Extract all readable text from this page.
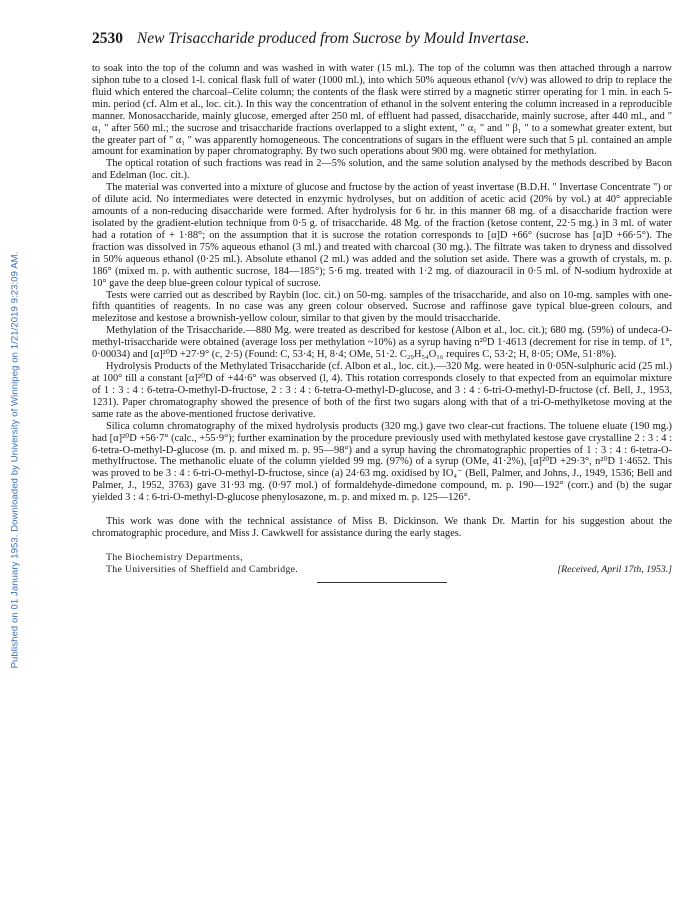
Published on 01 January 1953. Downloaded by University of Winnipeg on 1/21/2019 9:23:09 AM.
2530 New Trisaccharide produced from Sucrose by Mould Invertase.

to soak into the top of the column and was washed in with water (15 ml.). The top of the column was then attached through a narrow siphon tube to a closed 1-l. conical flask full of water (1000 ml.), into which 50% aqueous ethanol (v/v) was allowed to drip to replace the fluid which entered the charcoal–Celite column; the contents of the flask were stirred by a magnetic stirrer operating for 1 min. in each 5-min. period (cf. Alm et al., loc. cit.). In this way the concentration of ethanol in the solvent entering the column increased in a reproducible manner. Monosaccharide, mainly glucose, emerged after 250 ml. of effluent had passed, disaccharide, mainly sucrose, after 440 ml., and " α₁ " after 560 ml.; the sucrose and trisaccharide fractions overlapped to a slight extent, " α₁ " and " β₁ " to a somewhat greater extent, but the greater part of " α₁ " was apparently homogeneous. The concentrations of sugars in the effluent were such that 5 µl. contained an ample amount for examination by paper chromatography. By two such operations about 900 mg. were obtained for methylation.

The optical rotation of such fractions was read in 2—5% solution, and the same solution analysed by the methods described by Bacon and Edelman (loc. cit.).

The material was converted into a mixture of glucose and fructose by the action of yeast invertase (B.D.H. " Invertase Concentrate ") or of dilute acid. No intermediates were detected in enzymic hydrolyses, but on addition of acetic acid (20% by vol.) at 40° appreciable amounts of a non-reducing disaccharide were formed. After hydrolysis for 6 hr. in this manner 68 mg. of a disaccharide fraction were isolated by the gradient-elution technique from 0·5 g. of trisaccharide. 48 Mg. of the fraction (ketose content, 22·5 mg.) in 3 ml. of water had a rotation of + 1·88°; on the assumption that it is sucrose the rotation corresponds to [α]D +66° (sucrose has [α]D +66·5°). The fraction was dissolved in 75% aqueous ethanol (3 ml.) and treated with charcoal (30 mg.). The filtrate was taken to dryness and dissolved in 50% aqueous ethanol (0·25 ml.). Absolute ethanol (2 ml.) was added and the solution set aside. There was a growth of crystals, m. p. 186° (mixed m. p. with authentic sucrose, 184—185°); 5·6 mg. treated with 1·2 mg. of diazouracil in 0·5 ml. of N-sodium hydroxide at 10° gave the deep blue-green colour typical of sucrose.

Tests were carried out as described by Raybin (loc. cit.) on 50-mg. samples of the trisaccharide, and also on 10-mg. samples with one-fifth quantities of reagents. In no case was any green colour observed. Sucrose and raffinose gave typical blue-green colours, and melezitose and kestose a brownish-yellow colour, similar to that given by the mould trisaccharide.

Methylation of the Trisaccharide.—880 Mg. were treated as described for kestose (Albon et al., loc. cit.); 680 mg. (59%) of undeca-O-methyl-trisaccharide were obtained (average loss per methylation ~10%) as a syrup having n²⁰D 1·4613 (decrement for rise in temp. of 1°, 0·00034) and [α]²⁰D +27·9° (c, 2·5) (Found: C, 53·4; H, 8·4; OMe, 51·2. C₂₉H₅₄O₁₆ requires C, 53·2; H, 8·05; OMe, 51·8%).

Hydrolysis Products of the Methylated Trisaccharide (cf. Albon et al., loc. cit.).—320 Mg. were heated in 0·05N-sulphuric acid (25 ml.) at 100° till a constant [α]²⁰D of +44·6° was observed (l, 4). This rotation corresponds closely to that expected from an equimolar mixture of 1 : 3 : 4 : 6-tetra-O-methyl-D-fructose, 2 : 3 : 4 : 6-tetra-O-methyl-D-glucose, and 3 : 4 : 6-tri-O-methyl-D-fructose (cf. Bell, J., 1953, 1231). Paper chromatography showed the presence of both of the first two sugars along with that of a tri-O-methylketose moving at the same rate as the above-mentioned fructose derivative.

Silica column chromatography of the mixed hydrolysis products (320 mg.) gave two clear-cut fractions. The toluene eluate (190 mg.) had [α]²⁰D +56·7° (calc., +55·9°); further examination by the procedure previously used with methylated kestose gave crystalline 2 : 3 : 4 : 6-tetra-O-methyl-D-glucose (m. p. and mixed m. p. 95—98°) and a syrup having the chromatographic properties of 1 : 3 : 4 : 6-tetra-O-methylfructose. The methanolic eluate of the column yielded 99 mg. (97%) of a syrup (OMe, 41·2%), [α]²⁰D +29·3°, n²⁰D 1·4652. This was proved to be 3 : 4 : 6-tri-O-methyl-D-fructose, since (a) 24·63 mg. oxidised by IO₄⁻ (Bell, Palmer, and Johns, J., 1949, 1536; Bell and Palmer, J., 1952, 3763) gave 31·93 mg. (0·97 mol.) of formaldehyde-dimedone compound, m. p. 190—192° (corr.) and (b) the sugar yielded 3 : 4 : 6-tri-O-methyl-D-glucose phenylosazone, m. p. and mixed m. p. 125—126°.

This work was done with the technical assistance of Miss B. Dickinson. We thank Dr. Martin for his suggestion about the chromatographic procedure, and Miss J. Cawkwell for assistance during the early stages.

The Biochemistry Departments,
The Universities of Sheffield and Cambridge.	[Received, April 17th, 1953.]
